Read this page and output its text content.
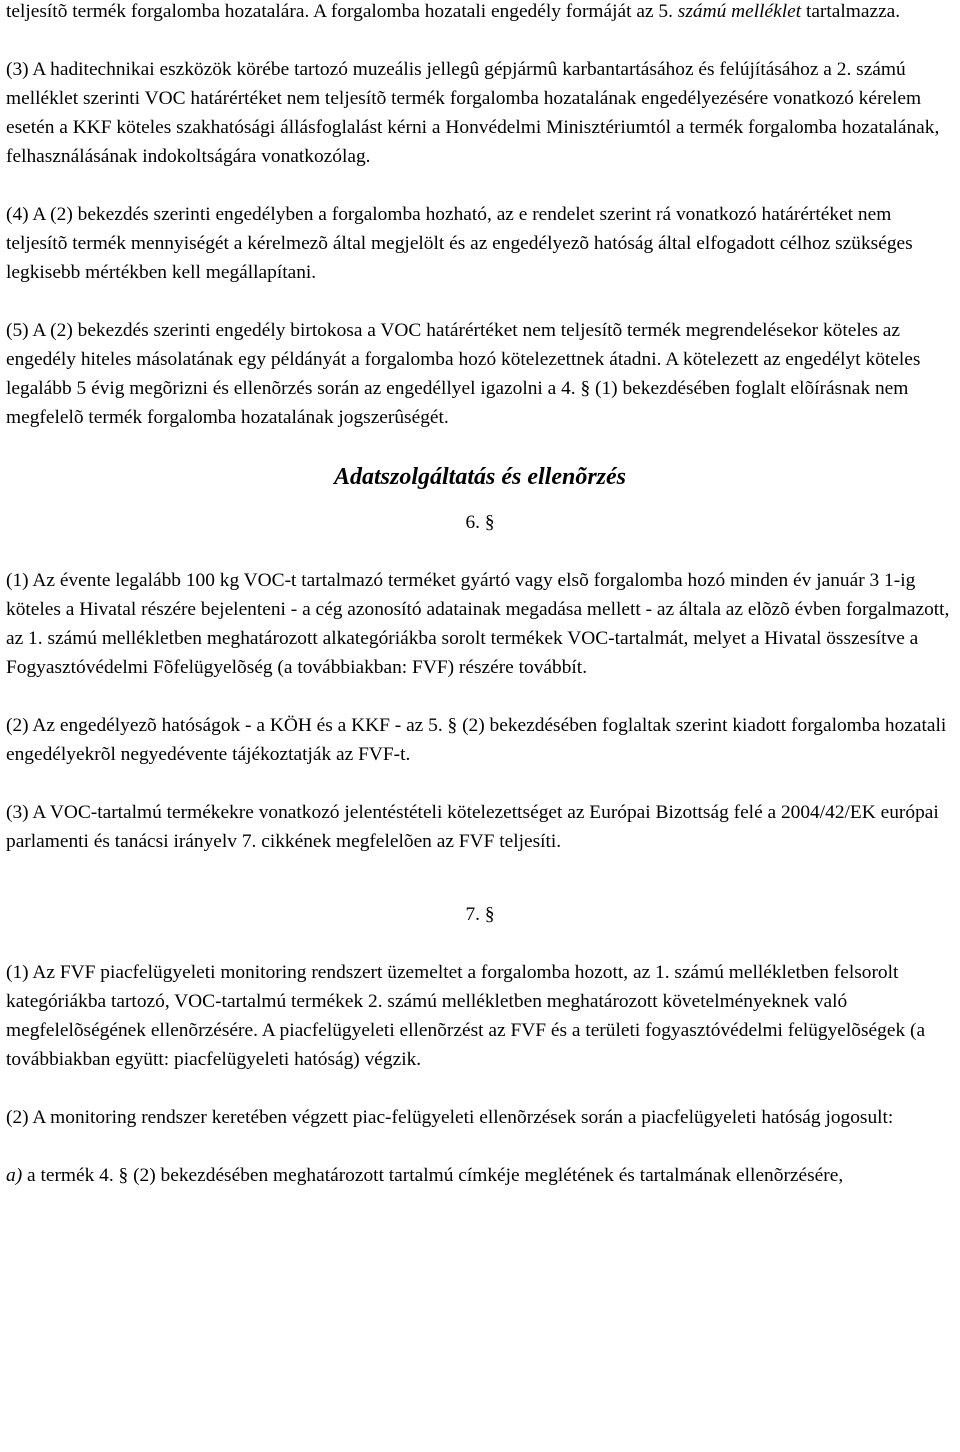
teljesítõ termék forgalomba hozatalára. A forgalomba hozatali engedély formáját az 5. számú melléklet tartalmazza.

(3) A haditechnikai eszközök körébe tartozó muzeális jellegû gépjármû karbantartásához és felújításához a 2. számú melléklet szerinti VOC határértéket nem teljesítõ termék forgalomba hozatalának engedélyezésére vonatkozó kérelem esetén a KKF köteles szakhatósági állásfoglalást kérni a Honvédelmi Minisztériumtól a termék forgalomba hozatalának, felhasználásának indokoltságára vonatkozólag.

(4) A (2) bekezdés szerinti engedélyben a forgalomba hozható, az e rendelet szerint rá vonatkozó határértéket nem teljesítõ termék mennyiségét a kérelmezõ által megjelölt és az engedélyezõ hatóság által elfogadott célhoz szükséges legkisebb mértékben kell megállapítani.

(5) A (2) bekezdés szerinti engedély birtokosa a VOC határértéket nem teljesítõ termék megrendelésekor köteles az engedély hiteles másolatának egy példányát a forgalomba hozó kötelezettnek átadni. A kötelezett az engedélyt köteles legalább 5 évig megõrizni és ellenõrzés során az engedéllyel igazolni a 4. § (1) bekezdésében foglalt elõírásnak nem megfelelõ termék forgalomba hozatalának jogszerûségét.

Adatszolgáltatás és ellenõrzés
6. §

(1) Az évente legalább 100 kg VOC-t tartalmazó terméket gyártó vagy elsõ forgalomba hozó minden év január 3 1-ig köteles a Hivatal részére bejelenteni - a cég azonosító adatainak megadása mellett - az általa az elõzõ évben forgalmazott, az 1. számú mellékletben meghatározott alkategóriákba sorolt termékek VOC-tartalmát, melyet a Hivatal összesítve a Fogyasztóvédelmi Fõfelügyelõség (a továbbiakban: FVF) részére továbbít.

(2) Az engedélyezõ hatóságok - a KÖH és a KKF - az 5. § (2) bekezdésében foglaltak szerint kiadott forgalomba hozatali engedélyekrõl negyedévente tájékoztatják az FVF-t.

(3) A VOC-tartalmú termékekre vonatkozó jelentéstételi kötelezettséget az Európai Bizottság felé a 2004/42/EK európai parlamenti és tanácsi irányelv 7. cikkének megfelelõen az FVF teljesíti.

7. §

(1) Az FVF piacfelügyeleti monitoring rendszert üzemeltet a forgalomba hozott, az 1. számú mellékletben felsorolt kategóriákba tartozó, VOC-tartalmú termékek 2. számú mellékletben meghatározott követelményeknek való megfelelõségének ellenõrzésére. A piacfelügyeleti ellenõrzést az FVF és a területi fogyasztóvédelmi felügyelõségek (a továbbiakban együtt: piacfelügyeleti hatóság) végzik.

(2) A monitoring rendszer keretében végzett piac-felügyeleti ellenõrzések során a piacfelügyeleti hatóság jogosult:

a) a termék 4. § (2) bekezdésében meghatározott tartalmú címkéje meglétének és tartalmának ellenõrzésére,
